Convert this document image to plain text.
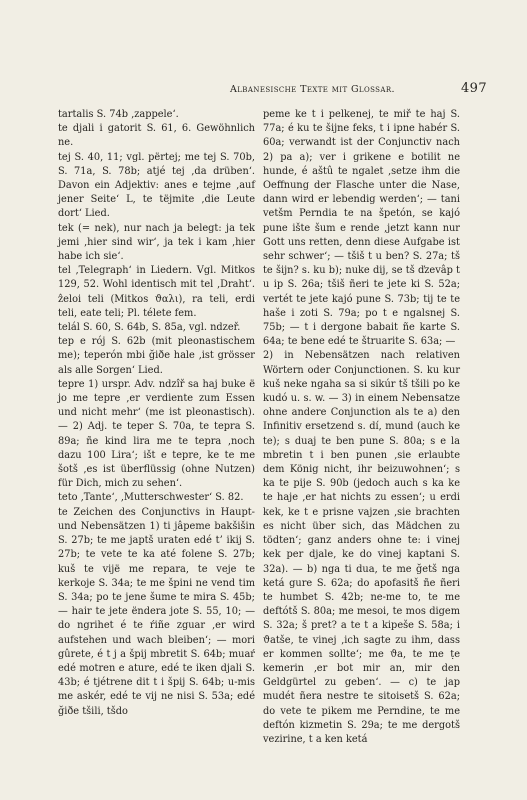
Albanesische Texte mit Glossar.	497

tartalis S. 74b ‚zappele‘.

te djali i gatorit S. 61, 6. Gewöhnlich ne.

tej S. 40, 11; vgl. përtej; me tej S. 70b, S. 71a, S. 78b; atjé tej ‚da drüben‘. Davon ein Adjektiv: anes e tejme ‚auf jener Seite‘ L, te tëjmite ‚die Leute dort‘ Lied.

tek (= nek), nur nach ja belegt: ja tek jemi ‚hier sind wir‘, ja tek i kam ‚hier habe ich sie‘.

tel ‚Telegraph‘ in Liedern. Vgl. Mitkos 129, 52. Wohl identisch mit tel ‚Draht‘. ẑeloi teli (Mitkos ϑαλι), ra teli, erdi teli, eate teli; Pl. télete fem.

telál S. 60, S. 64b, S. 85a, vgl. ndzeř.

tep e rój S. 62b (mit pleonastischem me); teperón mbi ğiðe hale ‚ist grösser als alle Sorgen‘ Lied.

tepre 1) urspr. Adv. ndzîř sa haj buke ë jo me tepre ‚er verdiente zum Essen und nicht mehr‘ (me ist pleonastisch). — 2) Adj. te teper S. 70a, te tepra S. 89a; ñe kind lira me te tepra ‚noch dazu 100 Lira‘; išt e tepre, ke te me šotš ‚es ist überflüssig (ohne Nutzen) für Dich, mich zu sehen‘.

teto ‚Tante‘, ‚Mutterschwester‘ S. 82.

te Zeichen des Conjunctivs in Haupt- und Nebensätzen 1) ti jâpeme bakšišin S. 27b; te me japtš uraten edé t’ ikij S. 27b; te vete te ka até folene S. 27b; kuš te vijë me repara, te veje te kerkoje S. 34a; te me špini ne vend tim S. 34a; po te jene šume te mira S. 45b; — hair te jete ëndera jote S. 55, 10; — do ngrihet é te ŕiñe zguar ‚er wird aufstehen und wach bleiben‘; — mori gûrete, é t j a špij mbretit S. 64b; muaŕ edé motren e ature, edé te iken djali S. 43b; é tjétrene dit t i špij S. 64b; u-mis me askér, edé te vij ne nisi S. 53a; edé ğiðe tšili, tšdo

peme ke t i pelkenej, te miř te haj S. 77a; é ku te šijne feks, t i ipne habér S. 60a; verwandt ist der Conjunctiv nach 2) pa a); ver i grikene e botilit ne hunde, é aštû te ngalet ‚setze ihm die Oeffnung der Flasche unter die Nase, dann wird er lebendig werden‘; — tani vetšm Perndia te na špetón, se kajó pune ište šum e rende ‚jetzt kann nur Gott uns retten, denn diese Aufgabe ist sehr schwer‘; — tšiš t u ben? S. 27a; tš te šijn? s. ku b); nuke dij, se tš ďzevâp t u ip S. 26a; tšiš ñeri te jete ki S. 52a; vertét te jete kajó pune S. 73b; tij te te haše i zoti S. 79a; po t e ngalsnej S. 75b; — t i dergone babait ñe karte S. 64a; te bene edé te štruarite S. 63a; —

2) in Nebensätzen nach relativen Wörtern oder Conjunctionen. S. ku kur kuš neke ngaha sa si sikúr tš tšili po ke kudó u. s. w. — 3) in einem Nebensatze ohne andere Conjunction als te a) den Infinitiv ersetzend s. dí, mund (auch ke te); s duaj te ben pune S. 80a; s e la mbretin t i ben punen ‚sie erlaubte dem König nicht, ihr beizuwohnen‘; s ka te pije S. 90b (jedoch auch s ka ke te haje ‚er hat nichts zu essen‘; u erdi kek, ke t e prisne vajzen ‚sie brachten es nicht über sich, das Mädchen zu tödten‘; ganz anders ohne te: i vinej kek per djale, ke do vinej kaptani S. 32a). — b) nga ti dua, te me ğetš nga ketá gure S. 62a; do apofasitš ñe ñeri te humbet S. 42b; ne-me to, te me deftótš S. 80a; me mesoi, te mos digem S. 32a; š pret? a te t a kipeše S. 58a; i ϑatše, te vinej ‚ich sagte zu ihm, dass er kommen sollte‘; me ϑa, te me ṭe kemerin ‚er bot mir an, mir den Geldgürtel zu geben‘. — c) te jap mudét ñera nestre te sitoisetš S. 62a; do vete te pikem me Perndine, te me deftón kizmetin S. 29a; te me dergotš vezirine, t a ken ketá
